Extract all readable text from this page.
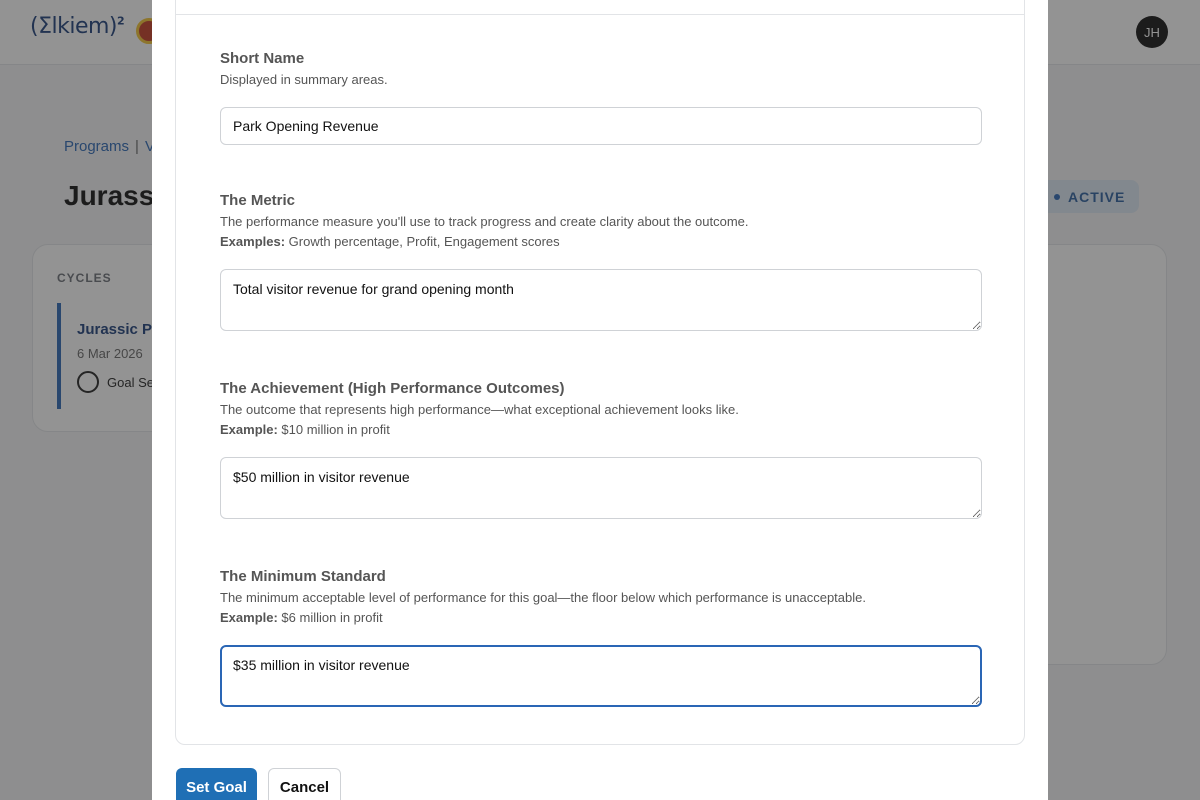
Short Name
Displayed in summary areas.
Park Opening Revenue
The Metric
The performance measure you'll use to track progress and create clarity about the outcome.
Examples: Growth percentage, Profit, Engagement scores
Total visitor revenue for grand opening month
The Achievement (High Performance Outcomes)
The outcome that represents high performance—what exceptional achievement looks like.
Example: $10 million in profit
$50 million in visitor revenue
The Minimum Standard
The minimum acceptable level of performance for this goal—the floor below which performance is unacceptable.
Example: $6 million in profit
$35 million in visitor revenue
Set Goal	Cancel
